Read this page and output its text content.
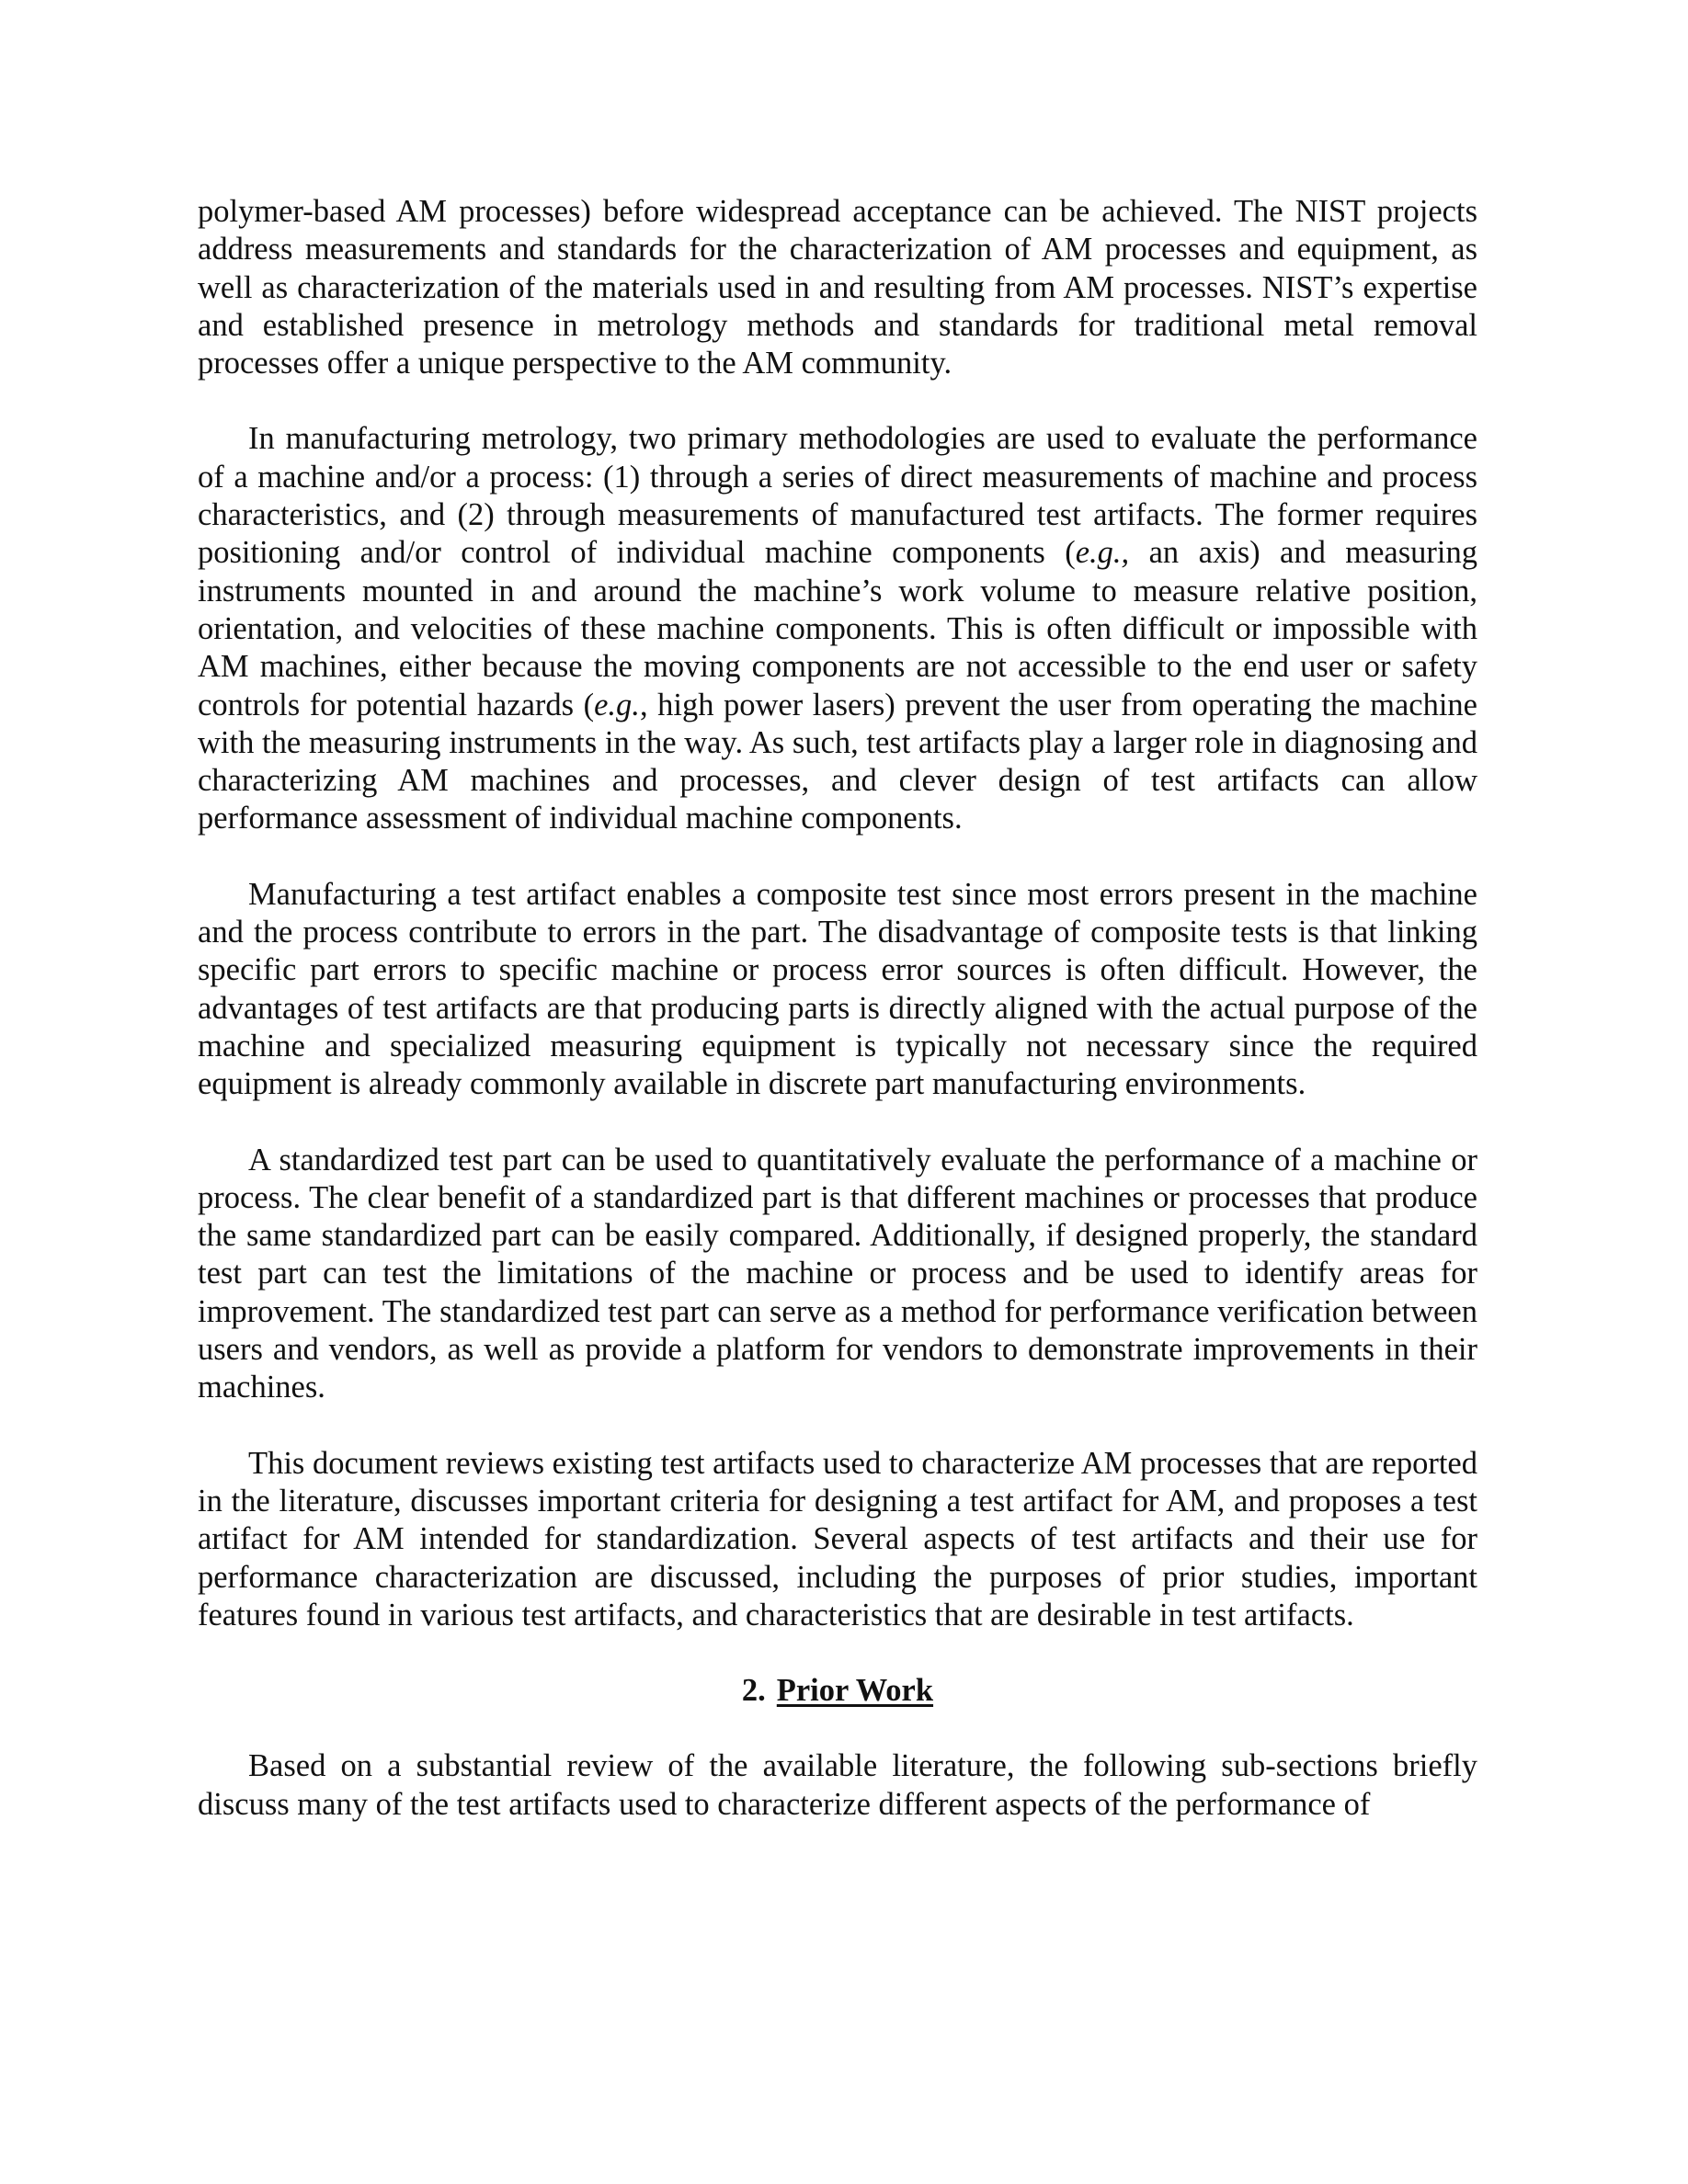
polymer-based AM processes) before widespread acceptance can be achieved. The NIST projects address measurements and standards for the characterization of AM processes and equipment, as well as characterization of the materials used in and resulting from AM processes. NIST’s expertise and established presence in metrology methods and standards for traditional metal removal processes offer a unique perspective to the AM community.

In manufacturing metrology, two primary methodologies are used to evaluate the performance of a machine and/or a process: (1) through a series of direct measurements of machine and process characteristics, and (2) through measurements of manufactured test artifacts. The former requires positioning and/or control of individual machine components (e.g., an axis) and measuring instruments mounted in and around the machine’s work volume to measure relative position, orientation, and velocities of these machine components. This is often difficult or impossible with AM machines, either because the moving components are not accessible to the end user or safety controls for potential hazards (e.g., high power lasers) prevent the user from operating the machine with the measuring instruments in the way. As such, test artifacts play a larger role in diagnosing and characterizing AM machines and processes, and clever design of test artifacts can allow performance assessment of individual machine components.

Manufacturing a test artifact enables a composite test since most errors present in the machine and the process contribute to errors in the part. The disadvantage of composite tests is that linking specific part errors to specific machine or process error sources is often difficult. However, the advantages of test artifacts are that producing parts is directly aligned with the actual purpose of the machine and specialized measuring equipment is typically not necessary since the required equipment is already commonly available in discrete part manufacturing environments.

A standardized test part can be used to quantitatively evaluate the performance of a machine or process. The clear benefit of a standardized part is that different machines or processes that produce the same standardized part can be easily compared. Additionally, if designed properly, the standard test part can test the limitations of the machine or process and be used to identify areas for improvement. The standardized test part can serve as a method for performance verification between users and vendors, as well as provide a platform for vendors to demonstrate improvements in their machines.

This document reviews existing test artifacts used to characterize AM processes that are reported in the literature, discusses important criteria for designing a test artifact for AM, and proposes a test artifact for AM intended for standardization. Several aspects of test artifacts and their use for performance characterization are discussed, including the purposes of prior studies, important features found in various test artifacts, and characteristics that are desirable in test artifacts.

2. Prior Work

Based on a substantial review of the available literature, the following sub-sections briefly discuss many of the test artifacts used to characterize different aspects of the performance of
